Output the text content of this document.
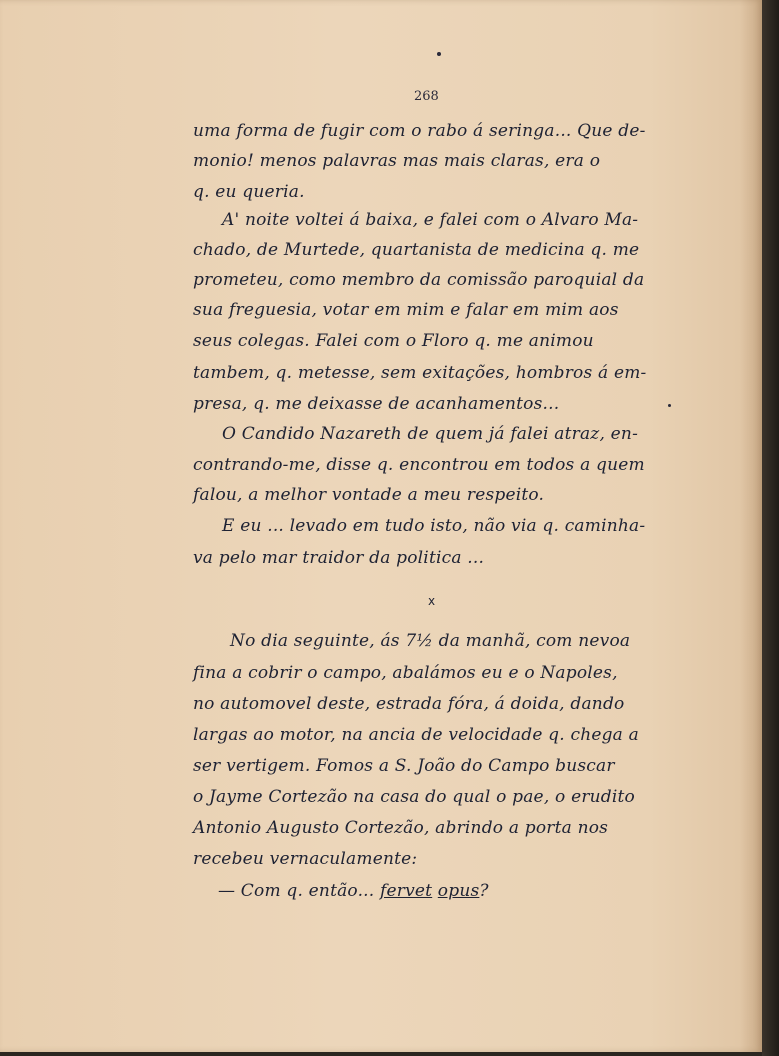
268
uma forma de fugir com o rabo á seringa... Que de-
monio! menos palavras mas mais claras, era o
q. eu queria.
A' noite voltei á baixa, e falei com o Alvaro Ma-
chado, de Murtede, quartanista de medicina q. me
prometeu, como membro da comissão paroquial da
sua freguesia, votar em mim e falar em mim aos
seus colegas. Falei com o Floro q. me animou
tambem, q. metesse, sem exitações, hombros á em-
presa, q. me deixasse de acanhamentos...
O Candido Nazareth de quem já falei atraz, en-
contrando-me, disse q. encontrou em todos a quem
falou, a melhor vontade a meu respeito.
E eu ... levado em tudo isto, não via q. caminha-
va pelo mar traidor da politica ...
x
No dia seguinte, ás 7½ da manhã, com nevoa
fina a cobrir o campo, abalámos eu e o Napoles,
no automovel deste, estrada fóra, á doida, dando
largas ao motor, na ancia de velocidade q. chega a
ser vertigem. Fomos a S. João do Campo buscar
o Jayme Cortezão na casa do qual o pae, o erudito
Antonio Augusto Cortezão, abrindo a porta nos
recebeu vernaculamente:
— Com q. então... fervet opus?
